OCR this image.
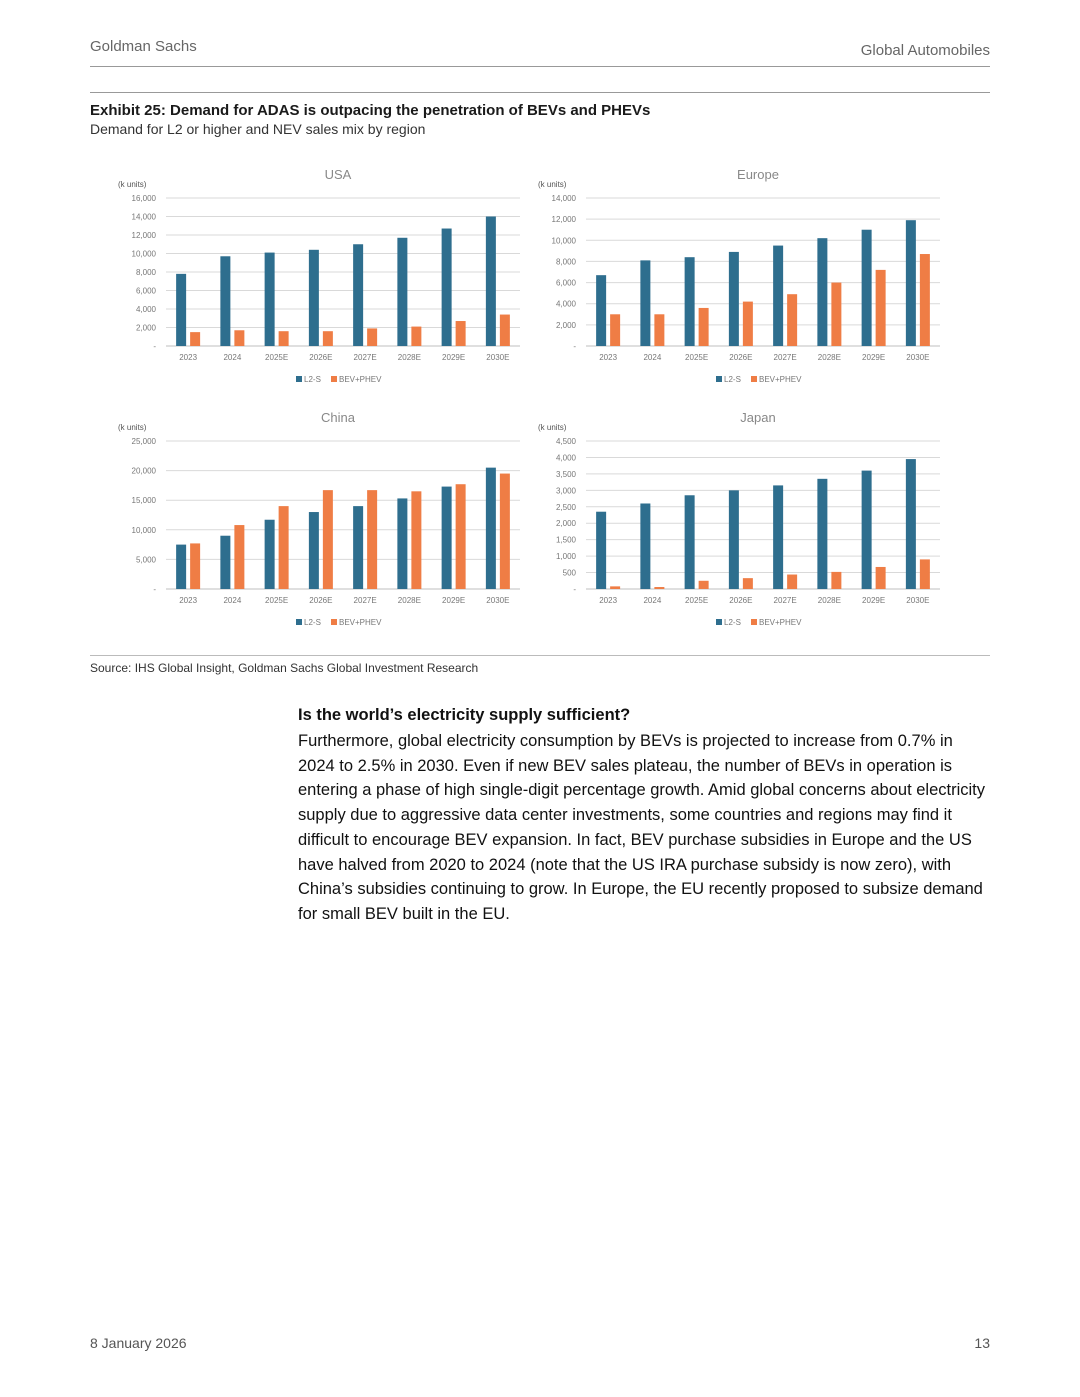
Goldman Sachs	Global Automobiles
Exhibit 25: Demand for ADAS is outpacing the penetration of BEVs and PHEVs
Demand for L2 or higher and NEV sales mix by region
USA
(k units)
-
2,000
4,000
6,000
8,000
10,000
12,000
14,000
16,000
2023	2024	2025E	2026E	2027E	2028E	2029E	2030E
L2-S BEV+PHEV
Europe
(k units)
-
2,000
4,000
6,000
8,000
10,000
12,000
14,000
2023	2024	2025E	2026E	2027E	2028E	2029E	2030E
L2-S BEV+PHEV
China
(k units)
-
5,000
10,000
15,000
20,000
25,000
2023	2024	2025E	2026E	2027E	2028E	2029E	2030E
L2-S BEV+PHEV
Japan
(k units)
-
500
1,000
1,500
2,000
2,500
3,000
3,500
4,000
4,500
2023	2024	2025E	2026E	2027E	2028E	2029E	2030E
L2-S BEV+PHEV
Source: IHS Global Insight, Goldman Sachs Global Investment Research
Is the world’s electricity supply sufficient?
Furthermore, global electricity consumption by BEVs is projected to increase from 0.7% in 2024 to 2.5% in 2030. Even if new BEV sales plateau, the number of BEVs in operation is entering a phase of high single-digit percentage growth. Amid global concerns about electricity supply due to aggressive data center investments, some countries and regions may find it difficult to encourage BEV expansion. In fact, BEV purchase subsidies in Europe and the US have halved from 2020 to 2024 (note that the US IRA purchase subsidy is now zero), with China’s subsidies continuing to grow. In Europe, the EU recently proposed to subsize demand for small BEV built in the EU.
8 January 2026	13
